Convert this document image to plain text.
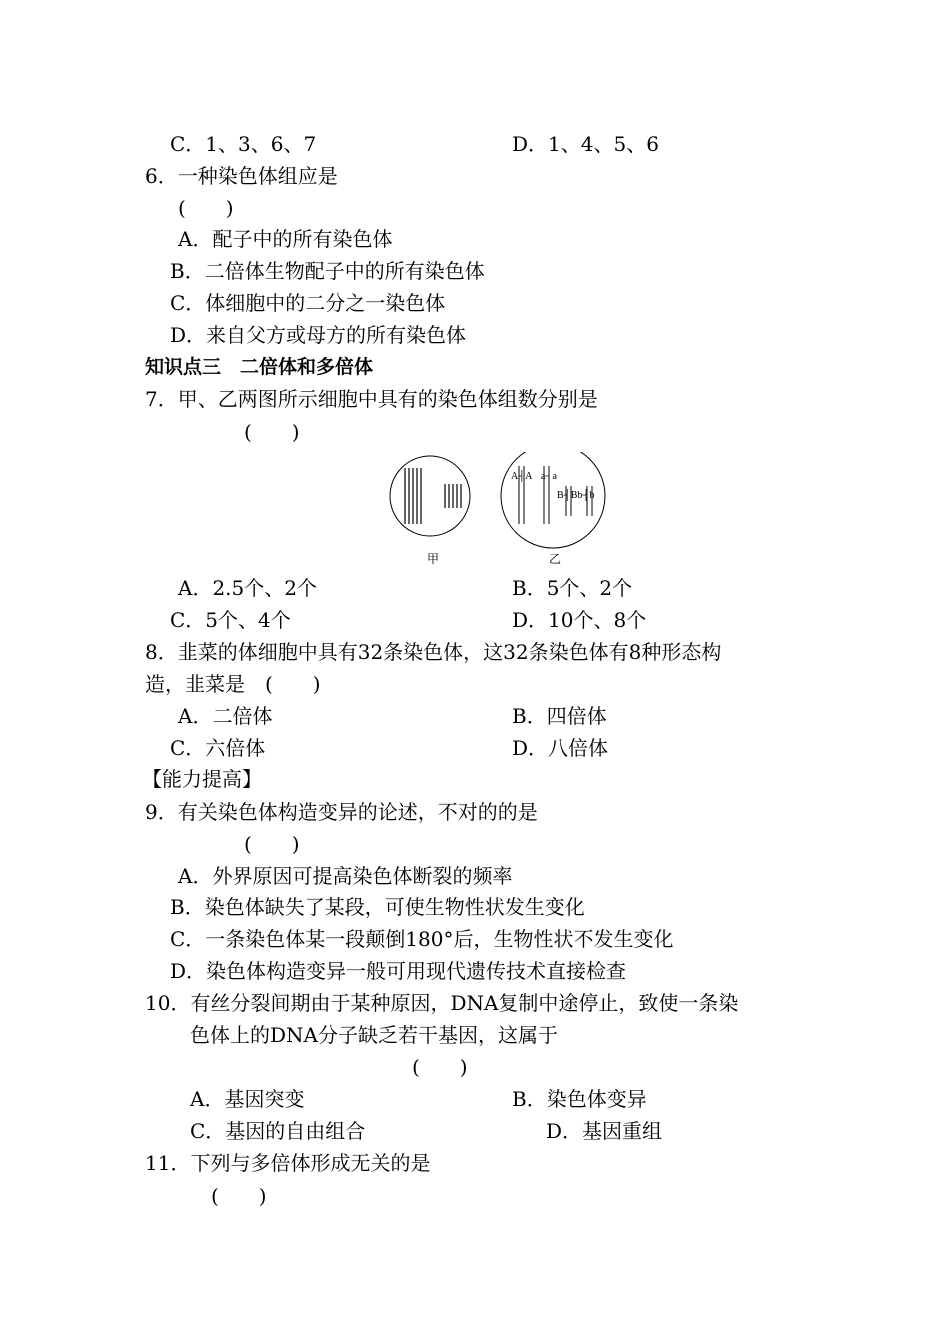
C．1、3、6、7	D．1、4、5、6
6．一种染色体组应是
(　　)
A．配子中的所有染色体
B．二倍体生物配子中的所有染色体
C．体细胞中的二分之一染色体
D．来自父方或母方的所有染色体
知识点三　二倍体和多倍体
7．甲、乙两图所示细胞中具有的染色体组数分别是
(　　)
A┤A a┤a
B┤Bb┤b
甲	乙
A．2.5个、2个	B．5个、2个
C．5个、4个	D．10个、8个
8．韭菜的体细胞中具有32条染色体，这32条染色体有8种形态构
造，韭菜是　(　　)
A．二倍体	B．四倍体
C．六倍体	D．八倍体
【能力提高】
9．有关染色体构造变异的论述，不对的的是
(　　)
A．外界原因可提高染色体断裂的频率
B．染色体缺失了某段，可使生物性状发生变化
C．一条染色体某一段颠倒180°后，生物性状不发生变化
D．染色体构造变异一般可用现代遗传技术直接检查
10．有丝分裂间期由于某种原因，DNA复制中途停止，致使一条染
色体上的DNA分子缺乏若干基因，这属于
(　　)
A．基因突变	B．染色体变异
C．基因的自由组合	D．基因重组
11．下列与多倍体形成无关的是
(　　)
